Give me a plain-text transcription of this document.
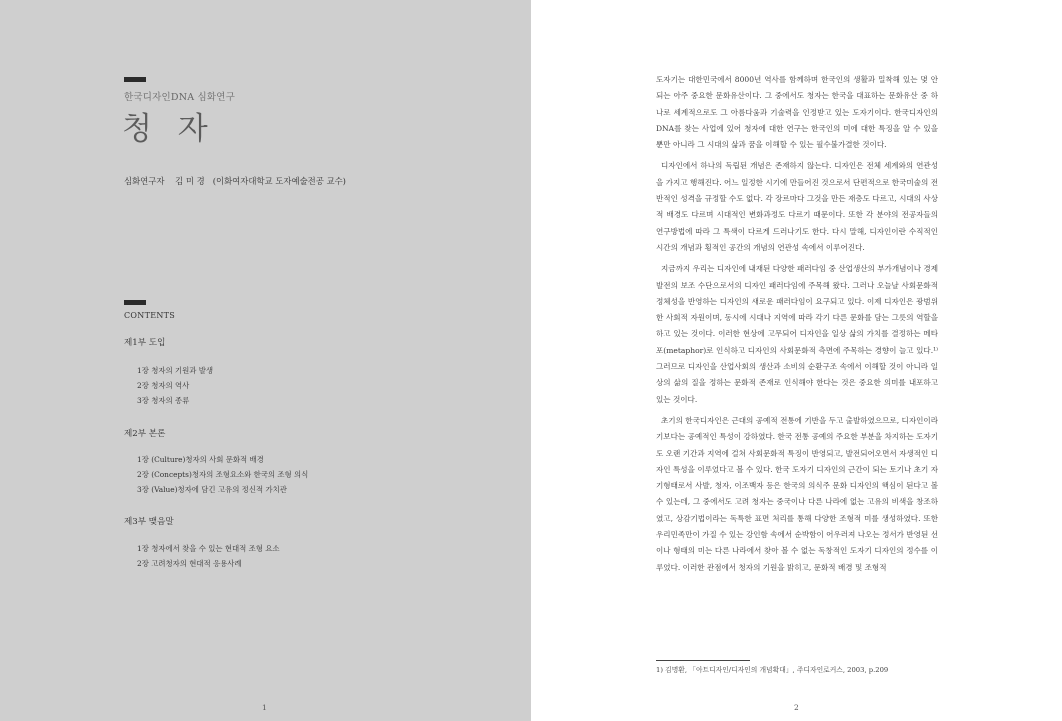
한국디자인DNA 심화연구
청 자
심화연구자 김 미 경 (이화여자대학교 도자예술전공 교수)
CONTENTS
제1부 도입
1장 청자의 기원과 발생
2장 청자의 역사
3장 청자의 종류
제2부 본론
1장 (Culture)청자의 사회 문화적 배경
2장 (Concepts)청자의 조형요소와 한국의 조형 의식
3장 (Value)청자에 담긴 고유의 정신적 가치관
제3부 맺음말
1장 청자에서 찾을 수 있는 현대적 조형 요소
2장 고려청자의 현대적 응용사례
1

도자기는 대한민국에서 8000년 역사를 함께하며 한국인의 생활과 밀착해 있는 몇 안 되는 아주 중요한 문화유산이다. 그 중에서도 청자는 한국을 대표하는 문화유산 중 하나로 세계적으로도 그 아름다움과 기술력을 인정받고 있는 도자기이다. 한국디자인의 DNA를 찾는 사업에 있어 청자에 대한 연구는 한국인의 미에 대한 특징을 알 수 있을 뿐만 아니라 그 시대의 삶과 꿈을 이해할 수 있는 필수불가결한 것이다.

디자인에서 하나의 독립된 개념은 존재하지 않는다. 디자인은 전체 세계와의 연관성을 가지고 행해진다. 어느 일정한 시기에 만들어진 것으로서 단편적으로 한국미술의 전반적인 성격을 규정할 수도 없다. 각 장르마다 그것을 만든 재층도 다르고, 시대의 사상적 배경도 다르며 시대적인 변화과정도 다르기 때문이다. 또한 각 분야의 전공자들의 연구방법에 따라 그 특색이 다르게 드러나기도 한다. 다시 말해, 디자인이란 수직적인 시간의 개념과 횡적인 공간의 개념의 연관성 속에서 이루어진다.

지금까지 우리는 디자인에 내재된 다양한 패러다임 중 산업생산의 부가개념이나 경제발전의 보조 수단으로서의 디자인 패러다임에 주목해 왔다. 그러나 오늘날 사회문화적 정체성을 반영하는 디자인의 새로운 패러다임이 요구되고 있다. 이제 디자인은 광범위한 사회적 자원이며, 동시에 시대나 지역에 따라 각기 다른 문화를 담는 그릇의 역할을 하고 있는 것이다. 이러한 현상에 고무되어 디자인을 일상 삶의 가치를 결정하는 메타포(metaphor)로 인식하고 디자인의 사회문화적 측면에 주목하는 경향이 늘고 있다.¹⁾ 그러므로 디자인을 산업사회의 생산과 소비의 순환구조 속에서 이해할 것이 아니라 일상의 삶의 질을 정하는 문화적 존재로 인식해야 한다는 것은 중요한 의미를 내포하고 있는 것이다.

초기의 한국디자인은 근대의 공예적 전통에 기반을 두고 출발하였으므로, 디자인이라기보다는 공예적인 특성이 강하였다. 한국 전통 공예의 주요한 부분을 차지하는 도자기도 오랜 기간과 지역에 걸쳐 사회문화적 특징이 반영되고, 발전되어오면서 자생적인 디자인 특성을 이루었다고 볼 수 있다. 한국 도자기 디자인의 근간이 되는 토기나 초기 자기형태로서 사발, 청자, 이조백자 등은 한국의 의식주 문화 디자인의 핵심이 된다고 볼 수 있는데, 그 중에서도 고려 청자는 중국이나 다른 나라에 없는 고유의 비색을 창조하였고, 상감기법이라는 독특한 표면 처리를 통해 다양한 조형적 미를 생성하였다. 또한 우리민족만이 가질 수 있는 강인함 속에서 순박함이 어우러져 나오는 정서가 반영된 선이나 형태의 미는 다른 나라에서 찾아 볼 수 없는 독창적인 도자기 디자인의 정수를 이루었다. 이러한 관점에서 청자의 기원을 밝히고, 문화적 배경 및 조형적

1) 김명환, 「아트디자인/디자인의 개념확대」, 주디자인로커스, 2003, p.209
2
